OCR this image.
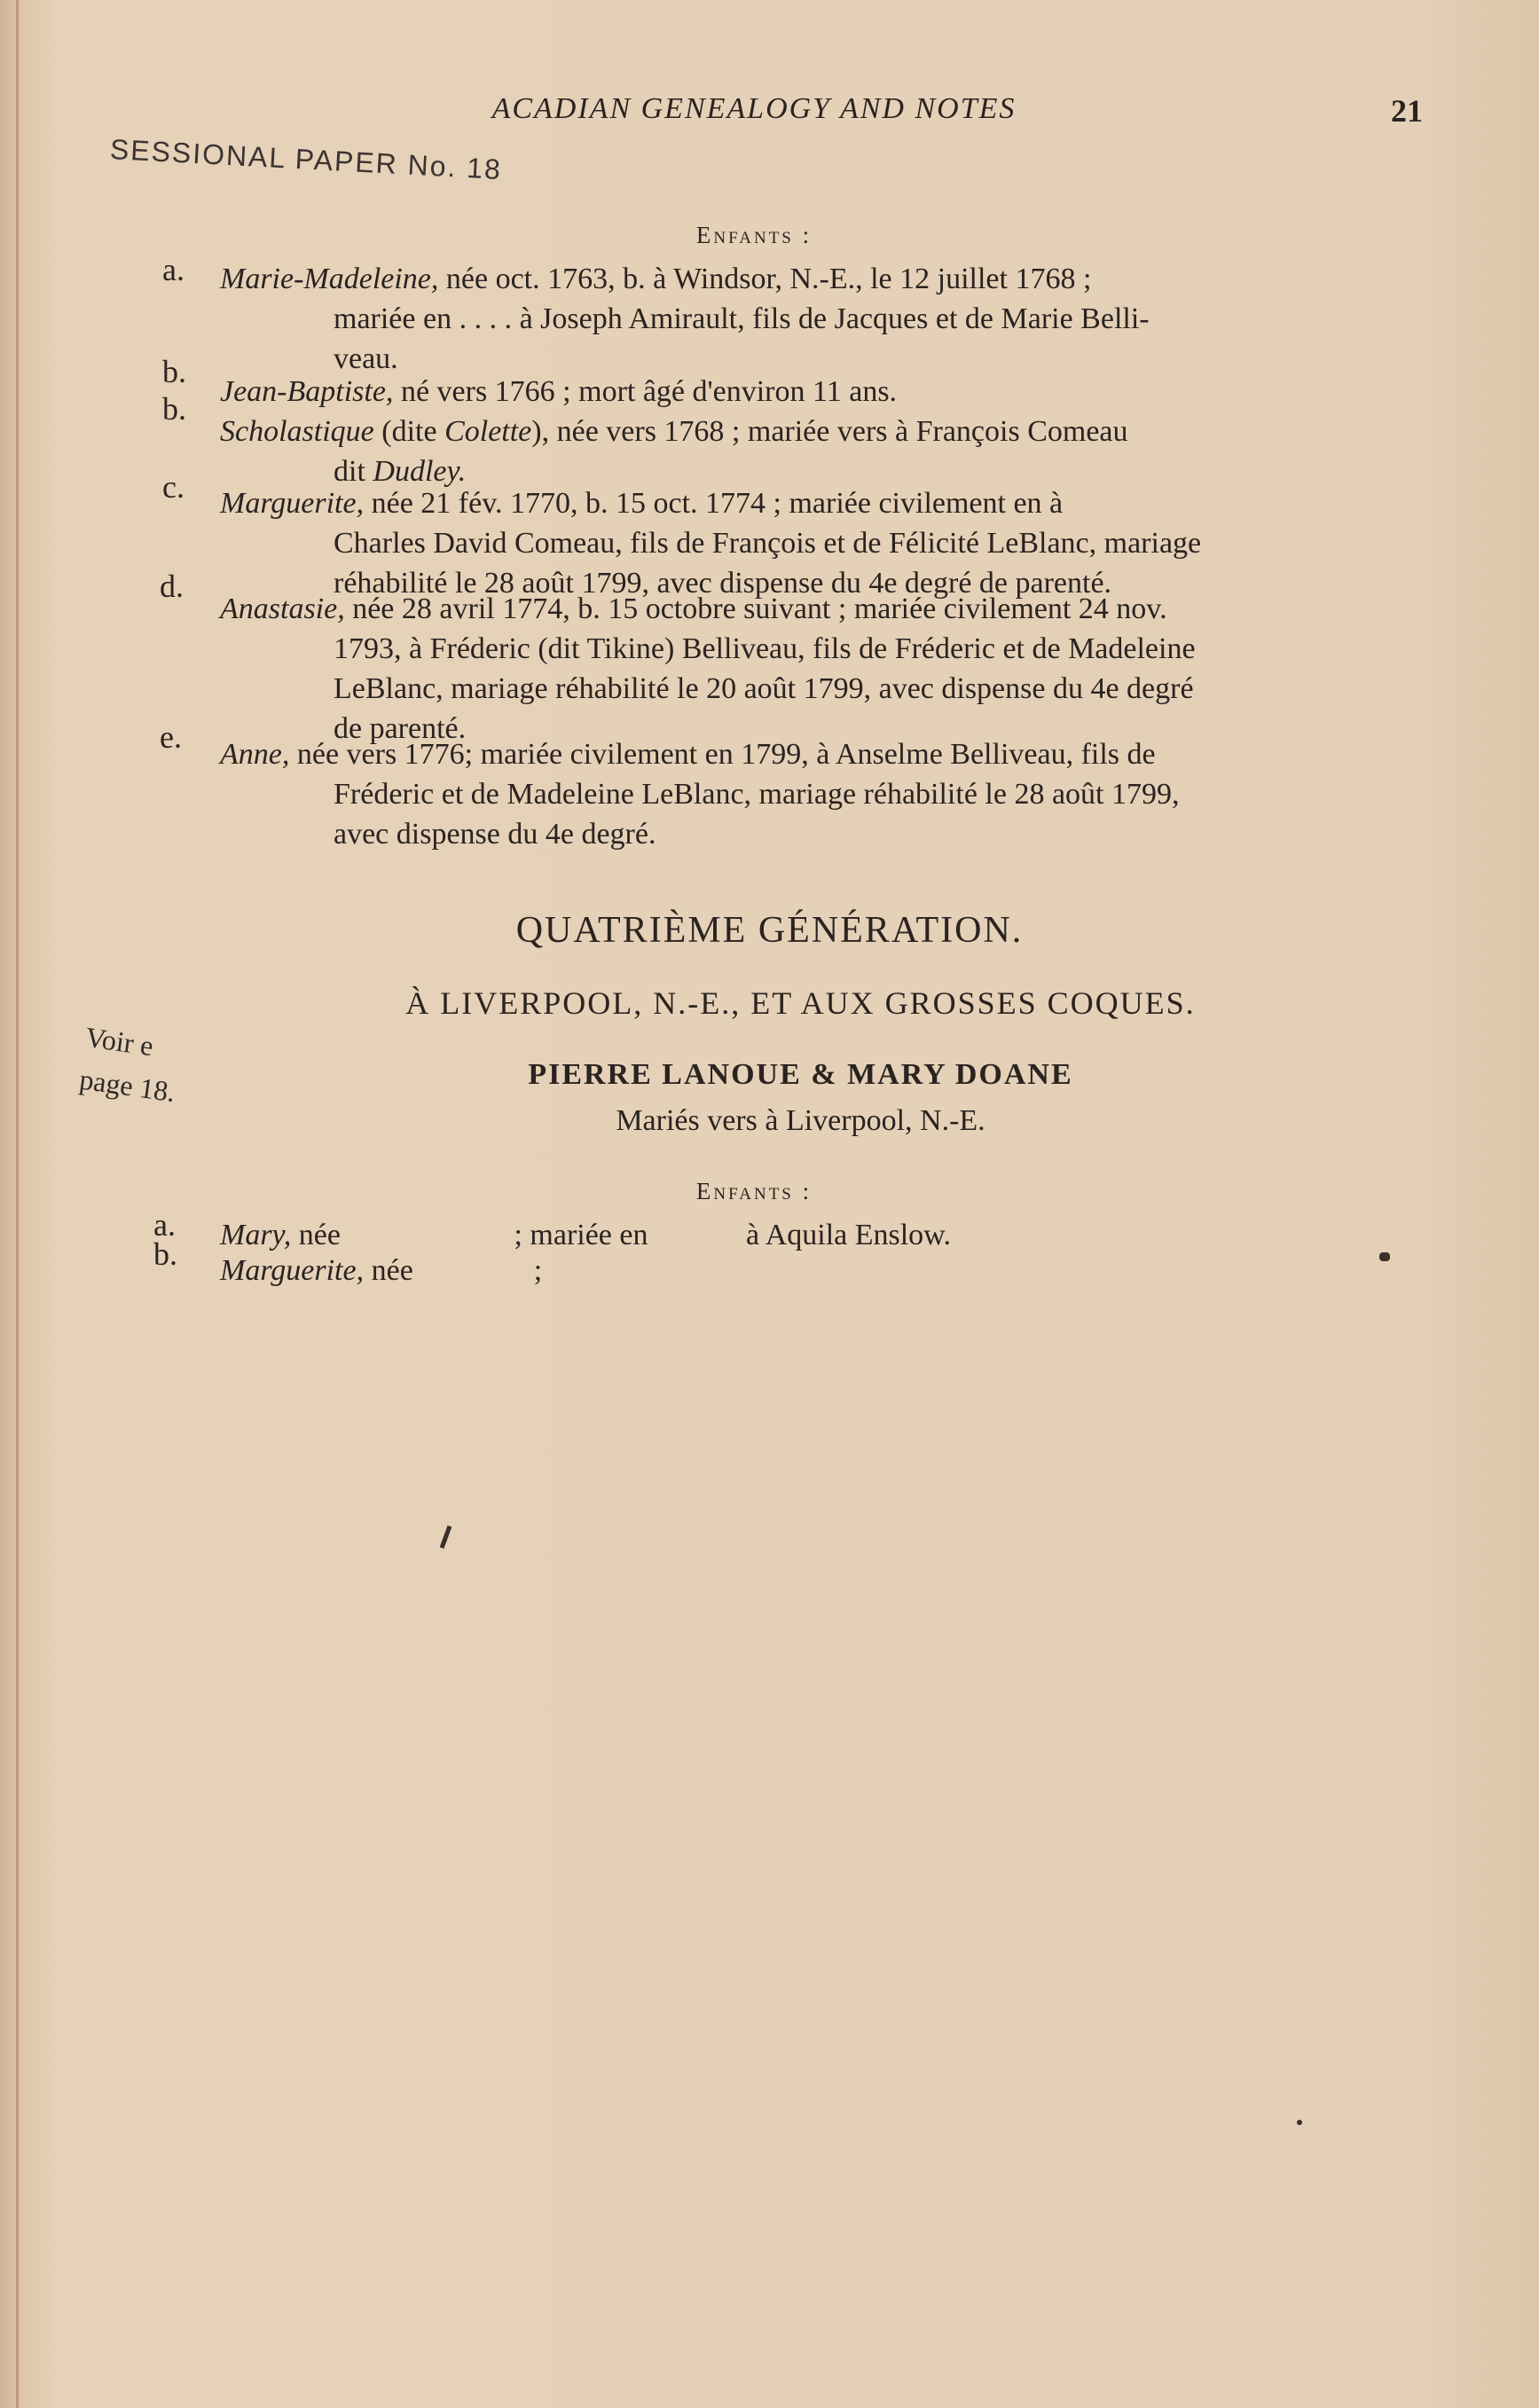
ACADIAN GENEALOGY AND NOTES	21
SESSIONAL PAPER No. 18
Enfants :
a. Marie-Madeleine, née oct. 1763, b. à Windsor, N.-E., le 12 juillet 1768 ;
mariée en . . . . à Joseph Amirault, fils de Jacques et de Marie Belli-
veau.
b.
Jean-Baptiste, né vers 1766 ; mort âgé d'environ 11 ans.
b.
Scholastique (dite Colette), née vers 1768 ; mariée vers à François Comeau
dit Dudley.
c. Marguerite, née 21 fév. 1770, b. 15 oct. 1774 ; mariée civilement en à
Charles David Comeau, fils de François et de Félicité LeBlanc, mariage
réhabilité le 28 août 1799, avec dispense du 4e degré de parenté.
d.
Anastasie, née 28 avril 1774, b. 15 octobre suivant ; mariée civilement 24 nov.
1793, à Fréderic (dit Tikine) Belliveau, fils de Fréderic et de Madeleine
LeBlanc, mariage réhabilité le 20 août 1799, avec dispense du 4e degré
de parenté.
e. Anne, née vers 1776; mariée civilement en 1799, à Anselme Belliveau, fils de
Fréderic et de Madeleine LeBlanc, mariage réhabilité le 28 août 1799,
avec dispense du 4e degré.
QUATRIÈME GÉNÉRATION.
À LIVERPOOL, N.-E., ET AUX GROSSES COQUES.
Voir e
page 18.	PIERRE LANOUE & MARY DOANE
Mariés vers à Liverpool, N.-E.
Enfants :
a. Mary, née                       ; mariée en             à Aquila Enslow.
b. Marguerite, née                ;
